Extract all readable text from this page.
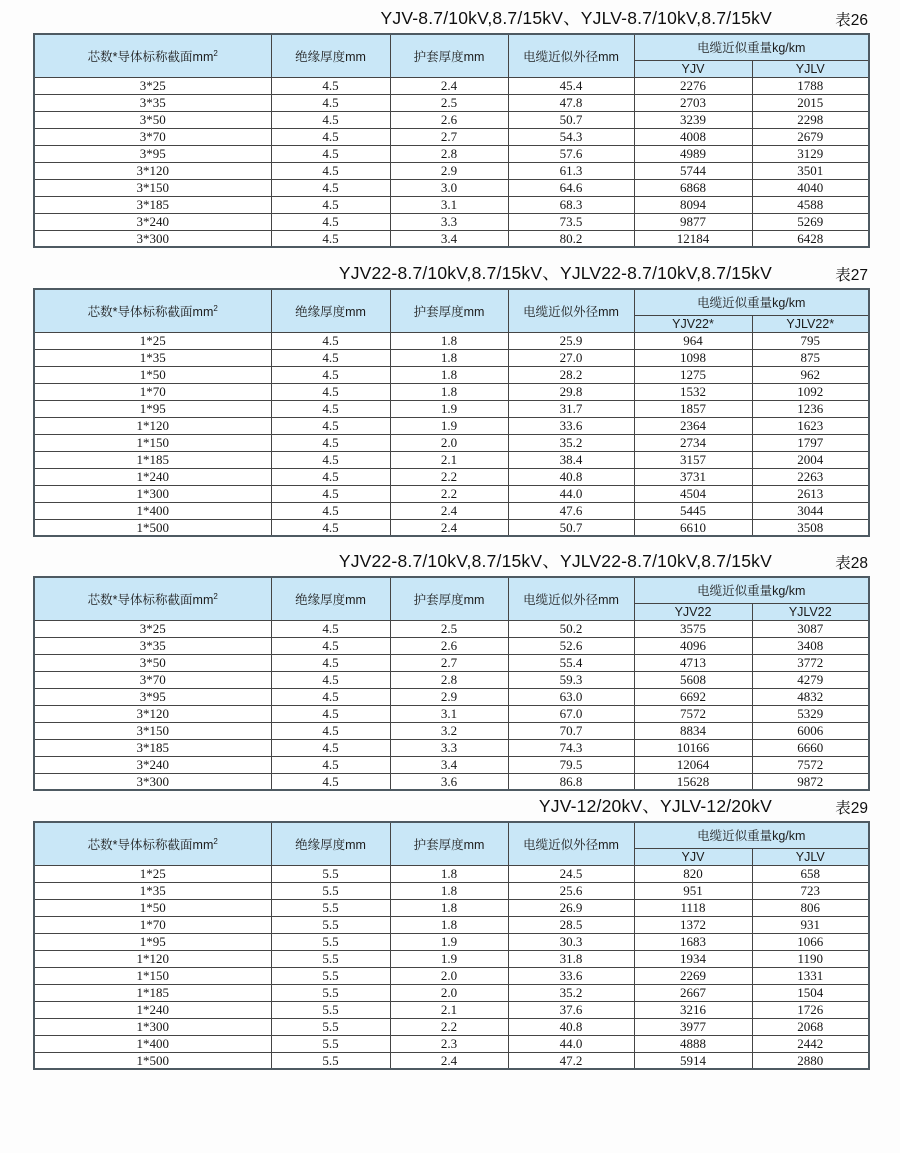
YJV-8.7/10kV,8.7/15kV、YJLV-8.7/10kV,8.7/15kV	表26
芯数*导体标称截面$mm^2$	绝缘厚度mm	护套厚度mm	电缆近似外径mm	电缆近似重量kg/km	
				YJV	YJLV
3*25	4.5	2.4	45.4	2276	1788
3*35	4.5	2.5	47.8	2703	2015
3*50	4.5	2.6	50.7	3239	2298
3*70	4.5	2.7	54.3	4008	2679
3*95	4.5	2.8	57.6	4989	3129
3*120	4.5	2.9	61.3	5744	3501
3*150	4.5	3.0	64.6	6868	4040
3*185	4.5	3.1	68.3	8094	4588
3*240	4.5	3.3	73.5	9877	5269
3*300	4.5	3.4	80.2	12184	6428
YJV22-8.7/10kV,8.7/15kV、YJLV22-8.7/10kV,8.7/15kV	表27
芯数*导体标称截面$mm^2$	绝缘厚度mm	护套厚度mm	电缆近似外径mm	电缆近似重量kg/km	
				YJV22*	YJLV22*
1*25	4.5	1.8	25.9	964	795
1*35	4.5	1.8	27.0	1098	875
1*50	4.5	1.8	28.2	1275	962
1*70	4.5	1.8	29.8	1532	1092
1*95	4.5	1.9	31.7	1857	1236
1*120	4.5	1.9	33.6	2364	1623
1*150	4.5	2.0	35.2	2734	1797
1*185	4.5	2.1	38.4	3157	2004
1*240	4.5	2.2	40.8	3731	2263
1*300	4.5	2.2	44.0	4504	2613
1*400	4.5	2.4	47.6	5445	3044
1*500	4.5	2.4	50.7	6610	3508
YJV22-8.7/10kV,8.7/15kV、YJLV22-8.7/10kV,8.7/15kV	表28
芯数*导体标称截面$mm^2$	绝缘厚度mm	护套厚度mm	电缆近似外径mm	电缆近似重量kg/km	
				YJV22	YJLV22
3*25	4.5	2.5	50.2	3575	3087
3*35	4.5	2.6	52.6	4096	3408
3*50	4.5	2.7	55.4	4713	3772
3*70	4.5	2.8	59.3	5608	4279
3*95	4.5	2.9	63.0	6692	4832
3*120	4.5	3.1	67.0	7572	5329
3*150	4.5	3.2	70.7	8834	6006
3*185	4.5	3.3	74.3	10166	6660
3*240	4.5	3.4	79.5	12064	7572
3*300	4.5	3.6	86.8	15628	9872
YJV-12/20kV、YJLV-12/20kV	表29
芯数*导体标称截面$mm^2$	绝缘厚度mm	护套厚度mm	电缆近似外径mm	电缆近似重量kg/km	
				YJV	YJLV
1*25	5.5	1.8	24.5	820	658
1*35	5.5	1.8	25.6	951	723
1*50	5.5	1.8	26.9	1118	806
1*70	5.5	1.8	28.5	1372	931
1*95	5.5	1.9	30.3	1683	1066
1*120	5.5	1.9	31.8	1934	1190
1*150	5.5	2.0	33.6	2269	1331
1*185	5.5	2.0	35.2	2667	1504
1*240	5.5	2.1	37.6	3216	1726
1*300	5.5	2.2	40.8	3977	2068
1*400	5.5	2.3	44.0	4888	2442
1*500	5.5	2.4	47.2	5914	2880
